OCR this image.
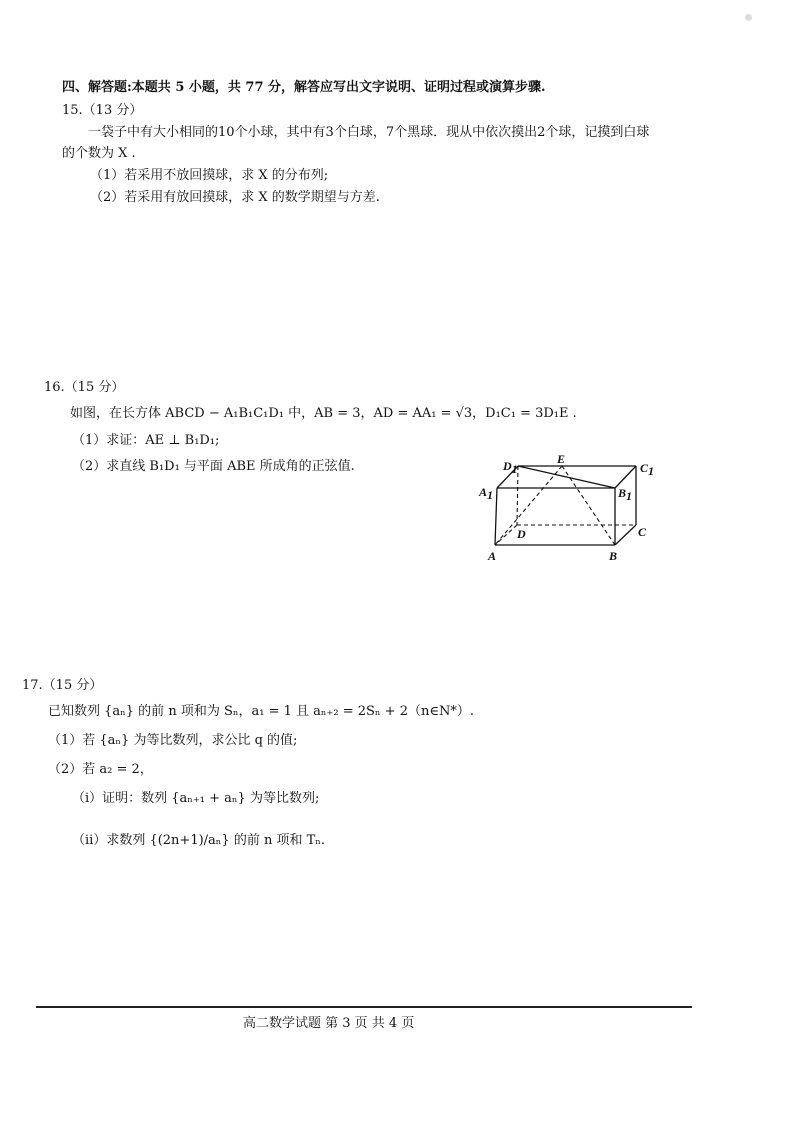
四、解答题:本题共 5 小题，共 77 分，解答应写出文字说明、证明过程或演算步骤.
15.（13 分）
一袋子中有大小相同的10个小球，其中有3个白球，7个黑球．现从中依次摸出2个球，记摸到白球
的个数为 X .
（1）若采用不放回摸球，求 X 的分布列;
（2）若采用有放回摸球，求 X 的数学期望与方差.
16.（15 分）
如图，在长方体 ABCD − A₁B₁C₁D₁ 中，AB = 3，AD = AA₁ = √3，D₁C₁ = 3D₁E .
（1）求证：AE ⊥ B₁D₁;
（2）求直线 B₁D₁ 与平面 ABE 所成角的正弦值.	D1
E
C1
A1	B1
A	B
D	C
17.（15 分）
已知数列 {aₙ} 的前 n 项和为 Sₙ，a₁ = 1 且 aₙ₊₂ = 2Sₙ + 2（n∈N*）.
（1）若 {aₙ} 为等比数列，求公比 q 的值;
（2）若 a₂ = 2，
（ⅰ）证明：数列 {aₙ₊₁ + aₙ} 为等比数列;
（ⅱ）求数列 {(2n+1)/aₙ} 的前 n 项和 Tₙ.
高二数学试题 第 3 页 共 4 页
